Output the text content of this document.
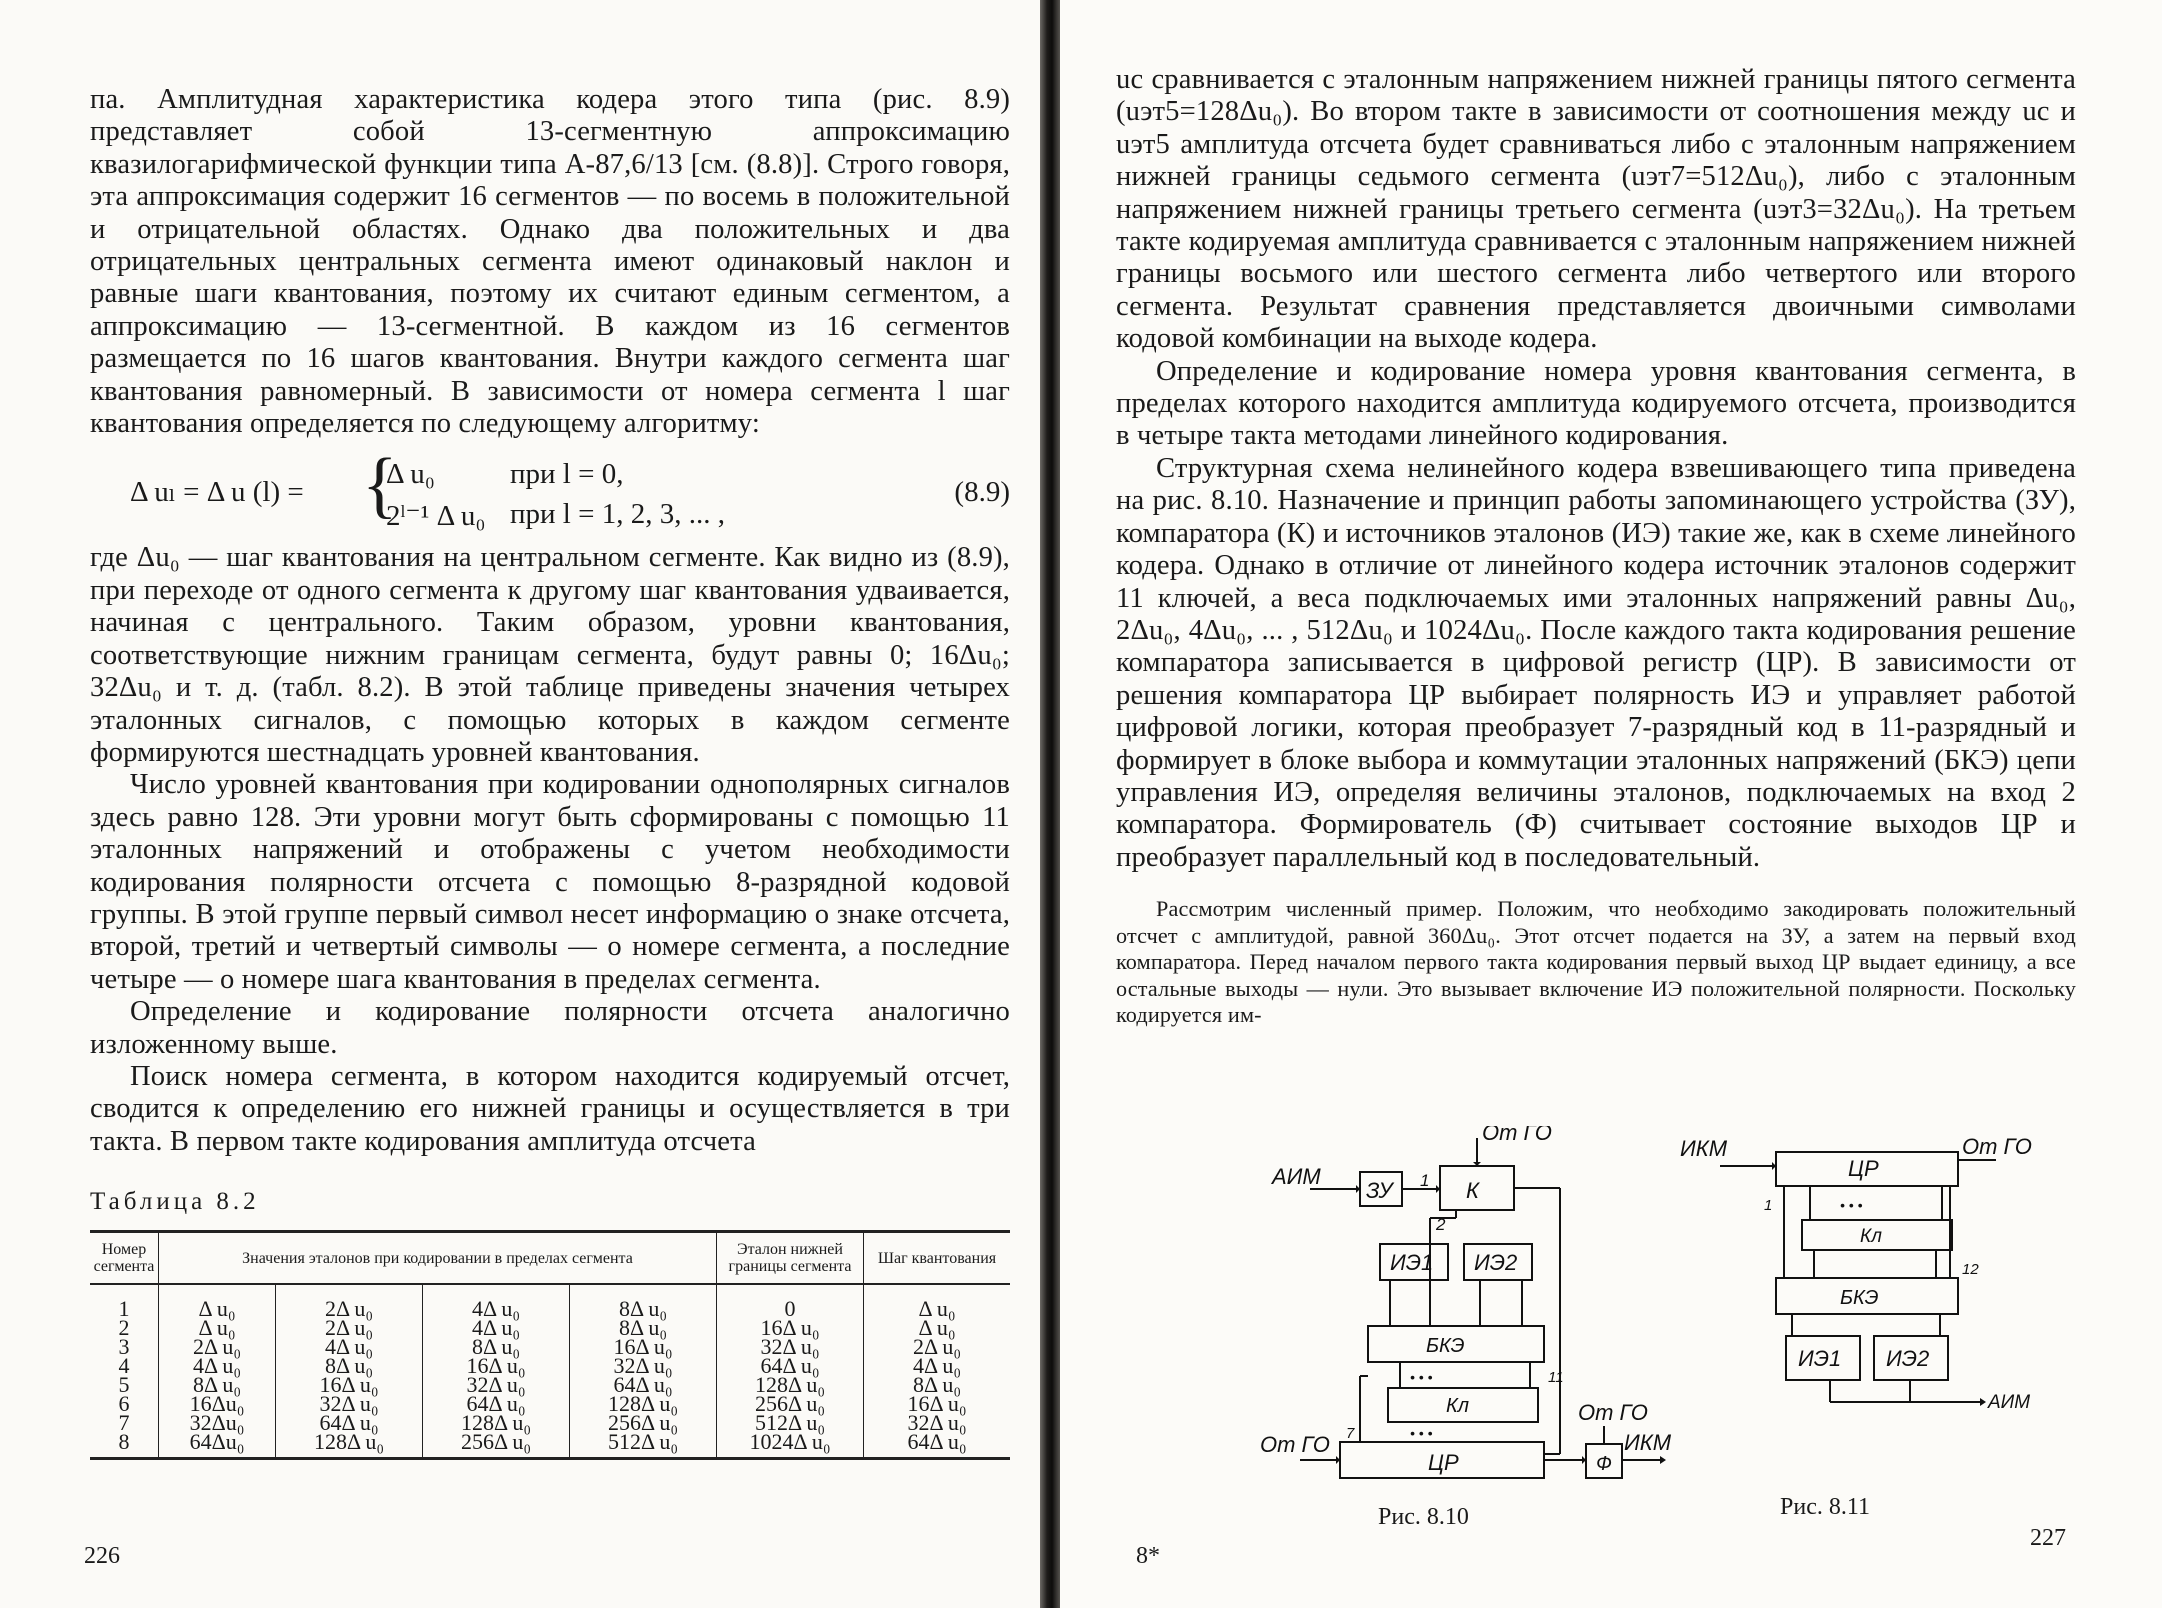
па. Амплитудная характеристика кодера этого типа (рис. 8.9) представляет собой 13-сегментную аппроксимацию квазилогарифмической функции типа А-87,6/13 [см. (8.8)]. Строго говоря, эта аппроксимация содержит 16 сегментов — по восемь в положительной и отрицательной областях. Однако два положительных и два отрицательных центральных сегмента имеют одинаковый наклон и равные шаги квантования, поэтому их считают единым сегментом, а аппроксимацию — 13-сегментной. В каждом из 16 сегментов размещается по 16 шагов квантования. Внутри каждого сегмента шаг квантования равномерный. В зависимости от номера сегмента l шаг квантования определяется по следующему алгоритму:

Δ uₗ = Δ u (l) = {
Δ u₀	при l = 0,
2ˡ⁻¹ Δ u₀ при l = 1, 2, 3, ... ,
(8.9)

где Δu₀ — шаг квантования на центральном сегменте. Как видно из (8.9), при переходе от одного сегмента к другому шаг квантования удваивается, начиная с центрального. Таким образом, уровни квантования, соответствующие нижним границам сегмента, будут равны 0; 16Δu₀; 32Δu₀ и т. д. (табл. 8.2). В этой таблице приведены значения четырех эталонных сигналов, с помощью которых в каждом сегменте формируются шестнадцать уровней квантования.

Число уровней квантования при кодировании однополярных сигналов здесь равно 128. Эти уровни могут быть сформированы с помощью 11 эталонных напряжений и отображены с учетом необходимости кодирования полярности отсчета с помощью 8-разрядной кодовой группы. В этой группе первый символ несет информацию о знаке отсчета, второй, третий и четвертый символы — о номере сегмента, а последние четыре — о номере шага квантования в пределах сегмента.

Определение и кодирование полярности отсчета аналогично изложенному выше.

Поиск номера сегмента, в котором находится кодируемый отсчет, сводится к определению его нижней границы и осуществляется в три такта. В первом такте кодирования амплитуда отсчета

Таблица 8.2
Номер сегмента	Значения эталонов при кодировании в пределах сегмента				Эталон нижней границы сегмента	Шаг квантования
1	Δ u₀	2Δ u₀	4Δ u₀	8Δ u₀	0	Δ u₀
2	Δ u₀	2Δ u₀	4Δ u₀	8Δ u₀	16Δ u₀	Δ u₀
3	2Δ u₀	4Δ u₀	8Δ u₀	16Δ u₀	32Δ u₀	2Δ u₀
4	4Δ u₀	8Δ u₀	16Δ u₀	32Δ u₀	64Δ u₀	4Δ u₀
5	8Δ u₀	16Δ u₀	32Δ u₀	64Δ u₀	128Δ u₀	8Δ u₀
6	16Δu₀	32Δ u₀	64Δ u₀	128Δ u₀	256Δ u₀	16Δ u₀
7	32Δu₀	64Δ u₀	128Δ u₀	256Δ u₀	512Δ u₀	32Δ u₀
8	64Δu₀	128Δ u₀	256Δ u₀	512Δ u₀	1024Δ u₀	64Δ u₀
226

uс сравнивается с эталонным напряжением нижней границы пятого сегмента (uэт5=128Δu₀). Во втором такте в зависимости от соотношения между uс и uэт5 амплитуда отсчета будет сравниваться либо с эталонным напряжением нижней границы седьмого сегмента (uэт7=512Δu₀), либо с эталонным напряжением нижней границы третьего сегмента (uэт3=32Δu₀). На третьем такте кодируемая амплитуда сравнивается с эталонным напряжением нижней границы восьмого или шестого сегмента либо четвертого или второго сегмента. Результат сравнения представляется двоичными символами кодовой комбинации на выходе кодера.

Определение и кодирование номера уровня квантования сегмента, в пределах которого находится амплитуда кодируемого отсчета, производится в четыре такта методами линейного кодирования.

Структурная схема нелинейного кодера взвешивающего типа приведена на рис. 8.10. Назначение и принцип работы запоминающего устройства (ЗУ), компаратора (К) и источников эталонов (ИЭ) такие же, как в схеме линейного кодера. Однако в отличие от линейного кодера источник эталонов содержит 11 ключей, а веса подключаемых ими эталонных напряжений равны Δu₀, 2Δu₀, 4Δu₀, ... , 512Δu₀ и 1024Δu₀. После каждого такта кодирования решение компаратора записывается в цифровой регистр (ЦР). В зависимости от решения компаратора ЦР выбирает полярность ИЭ и управляет работой цифровой логики, которая преобразует 7-разрядный код в 11-разрядный и формирует в блоке выбора и коммутации эталонных напряжений (БКЭ) цепи управления ИЭ, определяя величины эталонов, подключаемых на вход 2 компаратора. Формирователь (Ф) считывает состояние выходов ЦР и преобразует параллельный код в последовательный.

Рассмотрим численный пример. Положим, что необходимо закодировать положительный отсчет с амплитудой, равной 360Δu₀. Этот отсчет подается на ЗУ, а затем на первый вход компаратора. Перед началом первого такта кодирования первый выход ЦР выдает единицу, а все остальные выходы — нули. Это вызывает включение ИЭ положительной полярности. Поскольку кодируется им-

АИМ
ЗУ	К
От ГО
1
2
ИЭ1 ИЭ2
БКЭ
Кл
ЦР	Ф
ИКМ
От ГО
От ГО
• • •
• • •
7
11
Рис. 8.10
ИКМ
ЦР
От ГО
Кл
БКЭ
ИЭ1 ИЭ2
АИМ
• • •
1
12
Рис. 8.11
8*
227
